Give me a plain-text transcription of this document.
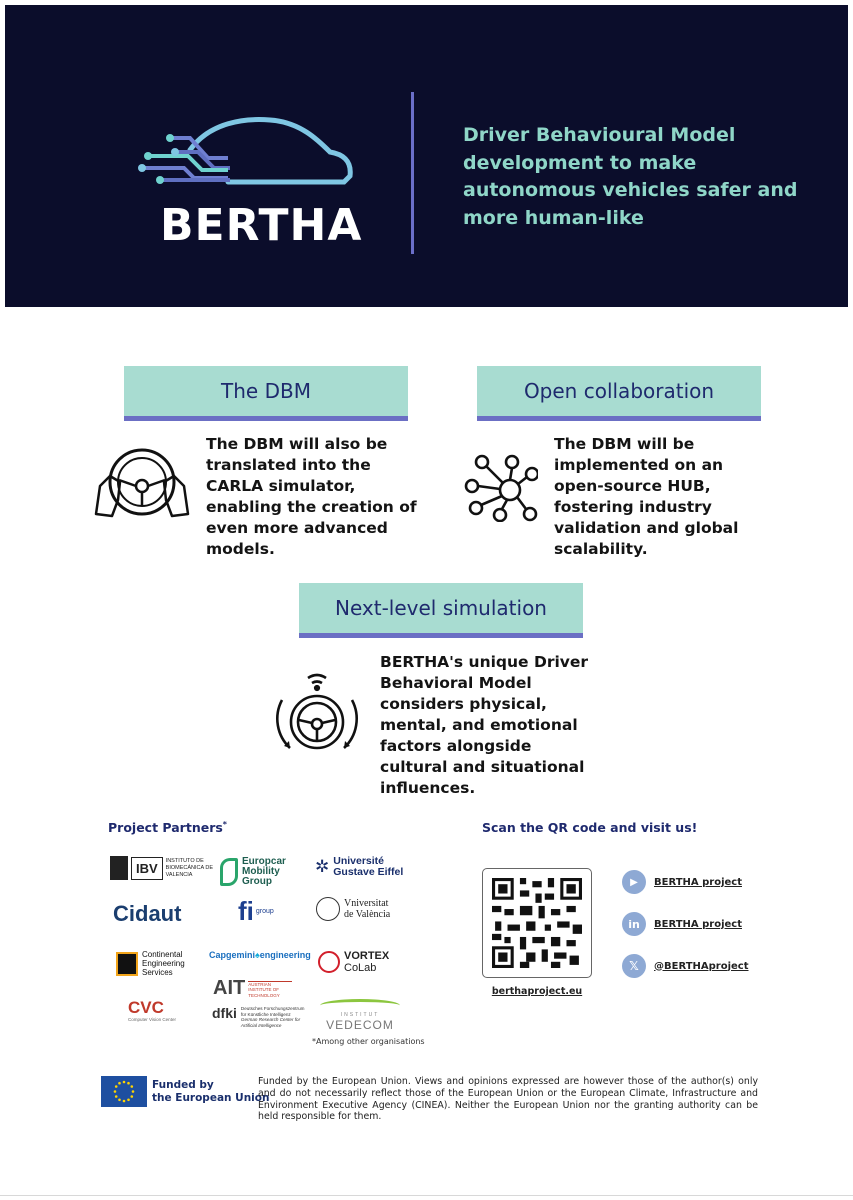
BERTHA
Driver Behavioural Model development to make autonomous vehicles safer and more human-like
The DBM
The DBM will also be translated into the CARLA simulator, enabling the creation of even more advanced models.
Open collaboration
The DBM will be implemented on an open-source HUB, fostering industry validation and global scalability.
Next-level simulation
BERTHA's unique Driver Behavioral Model considers physical, mental, and emotional factors alongside cultural and situational influences.
Project Partners*
IBV	INSTITUTO DE BIOMECÁNICA DE VALENCIA
Europcar
Mobility
Group
✲ Université
Gustave Eiffel
Cidaut fi group
Vniversitat
de València
Continental
Engineering
Services
Capgemini♠engineering	VORTEX
CoLab
AIT AUSTRIAN INSTITUTE OF TECHNOLOGY
CVC
Computer Vision Center	dfki Deutsches Forschungszentrum
für Künstliche Intelligenz
German Research Center for
Artificial Intelligence
INSTITUT
VEDECOM
*Among other organisations
Scan the QR code and visit us!
berthaproject.eu
▶	BERTHA project
in	BERTHA project
𝕏	@BERTHAproject
Funded by
the European Union
Funded by the European Union. Views and opinions expressed are however those of the author(s) only and do not necessarily reflect those of the European Union or the European Climate, Infrastructure and Environment Executive Agency (CINEA). Neither the European Union nor the granting authority can be held responsible for them.
